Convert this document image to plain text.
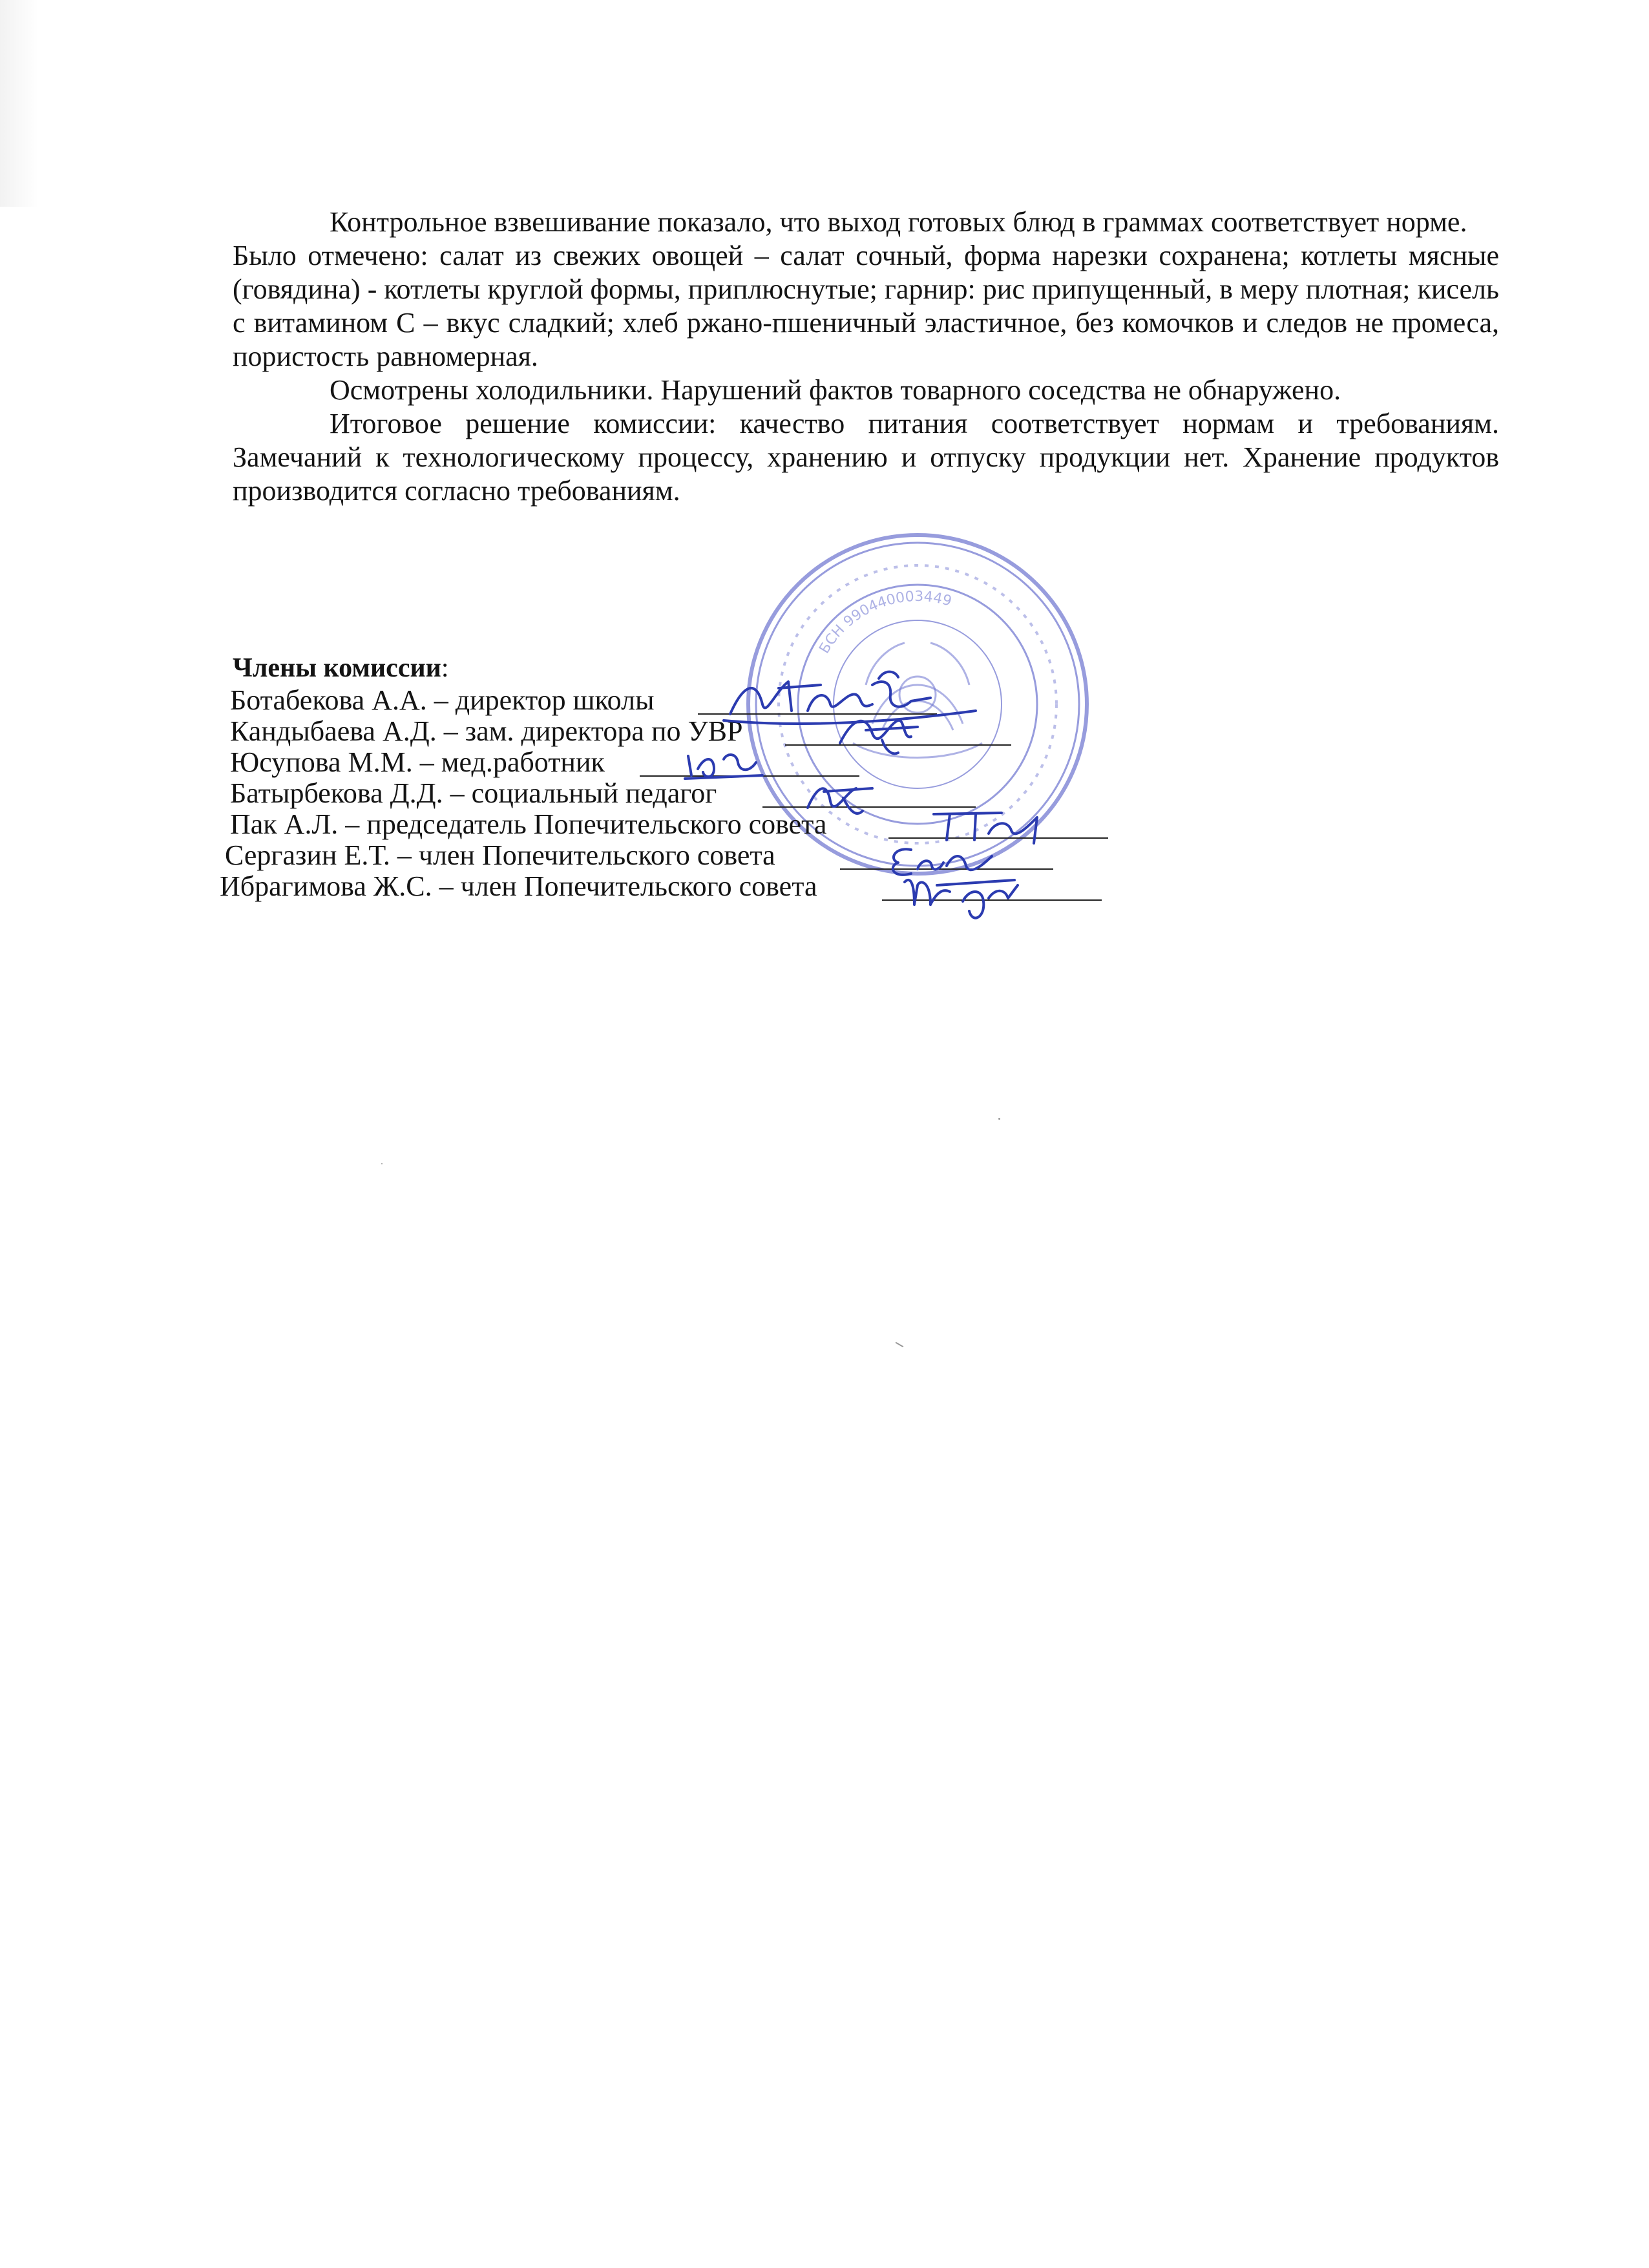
Контрольное взвешивание показало, что выход готовых блюд в граммах соответствует норме.

Было отмечено: салат из свежих овощей – салат сочный, форма нарезки сохранена; котлеты мясные (говядина) - котлеты круглой формы, приплюснутые; гарнир: рис припущенный, в меру плотная; кисель с витамином С – вкус сладкий; хлеб ржано-пшеничный эластичное, без комочков и следов не промеса, пористость равномерная.

Осмотрены холодильники. Нарушений фактов товарного соседства не обнаружено.

Итоговое решение комиссии: качество питания соответствует нормам и требованиям. Замечаний к технологическому процессу, хранению и отпуску продукции нет. Хранение продуктов производится согласно требованиям.

БСН 990440003449
Члены комиссии:
Ботабекова А.А. – директор школы
Кандыбаева А.Д. – зам. директора по УВР
Юсупова М.М. – мед.работник
Батырбекова Д.Д. – социальный педагог
Пак А.Л. – председатель Попечительского совета
Сергазин Е.Т. – член Попечительского совета
Ибрагимова Ж.С. – член Попечительского совета
